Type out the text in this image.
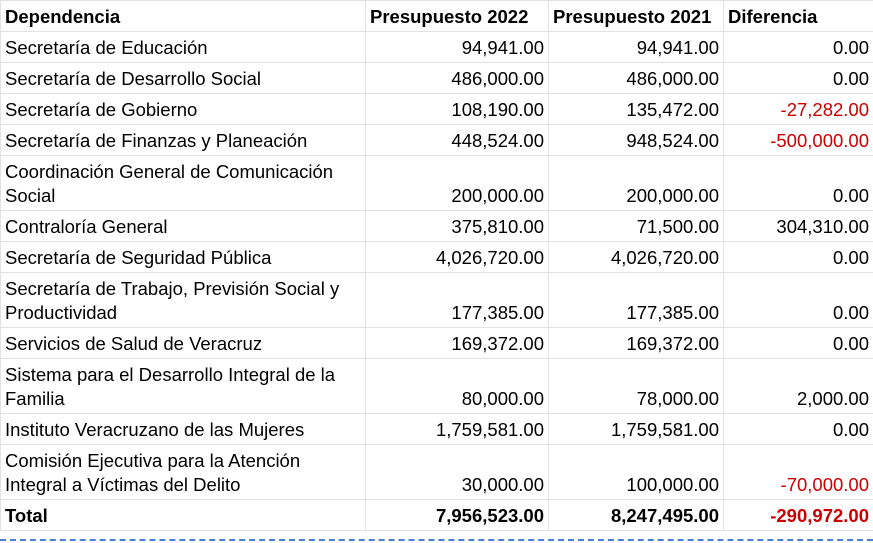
Dependencia	Presupuesto 2022	Presupuesto 2021	Diferencia
Secretaría de Educación	94,941.00	94,941.00	0.00
Secretaría de Desarrollo Social	486,000.00	486,000.00	0.00
Secretaría de Gobierno	108,190.00	135,472.00	-27,282.00
Secretaría de Finanzas y Planeación	448,524.00	948,524.00	-500,000.00
Coordinación General de Comunicación Social	200,000.00	200,000.00	0.00
Contraloría General	375,810.00	71,500.00	304,310.00
Secretaría de Seguridad Pública	4,026,720.00	4,026,720.00	0.00
Secretaría de Trabajo, Previsión Social y Productividad	177,385.00	177,385.00	0.00
Servicios de Salud de Veracruz	169,372.00	169,372.00	0.00
Sistema para el Desarrollo Integral de la Familia	80,000.00	78,000.00	2,000.00
Instituto Veracruzano de las Mujeres	1,759,581.00	1,759,581.00	0.00
Comisión Ejecutiva para la Atención Integral a Víctimas del Delito	30,000.00	100,000.00	-70,000.00
Total	7,956,523.00	8,247,495.00	-290,972.00
